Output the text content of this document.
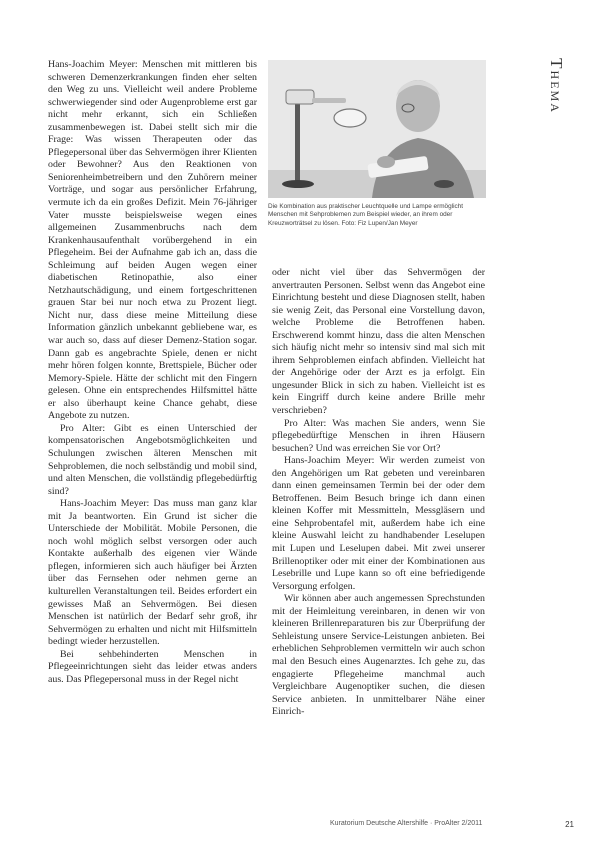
Thema

Hans-Joachim Meyer: Menschen mit mittleren bis schweren Demenzerkrankungen finden eher selten den Weg zu uns. Vielleicht weil andere Probleme schwerwiegender sind oder Augenprobleme erst gar nicht mehr erkannt, sich ein Schließen zusammenbewegen ist. Dabei stellt sich mir die Frage: Was wissen Therapeuten oder das Pflegepersonal über das Sehvermögen ihrer Klienten oder Bewohner? Aus den Reaktionen von Seniorenheimbetreibern und den Zuhörern meiner Vorträge, und sogar aus persönlicher Erfahrung, vermute ich da ein großes Defizit. Mein 76-jähriger Vater musste beispielsweise wegen eines allgemeinen Zusammenbruchs nach dem Krankenhausaufenthalt vorübergehend in ein Pflegeheim. Bei der Aufnahme gab ich an, dass die Schleimung auf beiden Augen wegen einer diabetischen Retinopathie, also einer Netzhautschädigung, und einem fortgeschrittenen grauen Star bei nur noch etwa zu Prozent liegt. Nicht nur, dass diese meine Mitteilung diese Information gänzlich unbekannt gebliebene war, es war auch so, dass auf dieser Demenz-Station sogar. Dann gab es angebrachte Spiele, denen er nicht mehr hören folgen konnte, Brettspiele, Bücher oder Memory-Spiele. Hätte der schlicht mit den Fingern gelesen. Ohne ein entsprechendes Hilfsmittel hätte er also überhaupt keine Chance gehabt, diese Angebote zu nutzen.

Pro Alter: Gibt es einen Unterschied der kompensatorischen Angebotsmöglichkeiten und Schulungen zwischen älteren Menschen mit Sehproblemen, die noch selbständig und mobil sind, und alten Menschen, die vollständig pflegebedürftig sind?

Hans-Joachim Meyer: Das muss man ganz klar mit Ja beantworten. Ein Grund ist sicher die Unterschiede der Mobilität. Mobile Personen, die noch wohl möglich selbst versorgen oder auch Kontakte außerhalb des eigenen vier Wände pflegen, informieren sich auch häufiger bei Ärzten über das Fernsehen oder nehmen gerne an kulturellen Veranstaltungen teil. Beides erfordert ein gewisses Maß an Sehvermögen. Bei diesen Menschen ist natürlich der Bedarf sehr groß, ihr Sehvermögen zu erhalten und nicht mit Hilfsmitteln bedingt wieder herzustellen.

Bei sehbehinderten Menschen in Pflegeeinrichtungen sieht das leider etwas anders aus. Das Pflegepersonal muss in der Regel nicht

Die Kombination aus praktischer Leuchtquelle und Lampe ermöglicht Menschen mit Sehproblemen zum Beispiel wieder, an ihrem oder Kreuzworträtsel zu lösen. Foto: Fiz Lupen/Jan Meyer

oder nicht viel über das Sehvermögen der anvertrauten Personen. Selbst wenn das Angebot eine Einrichtung besteht und diese Diagnosen stellt, haben sie wenig Zeit, das Personal eine Vorstellung davon, welche Probleme die Betroffenen haben. Erschwerend kommt hinzu, dass die alten Menschen sich häufig nicht mehr so intensiv sind mal sich mit ihrem Sehproblemen einfach abfinden. Vielleicht hat der Angehörige oder der Arzt es ja erfolgt. Ein ungesunder Blick in sich zu haben. Vielleicht ist es kein Eingriff durch keine andere Brille mehr verschrieben?

Pro Alter: Was machen Sie anders, wenn Sie pflegebedürftige Menschen in ihren Häusern besuchen? Und was erreichen Sie vor Ort?

Hans-Joachim Meyer: Wir werden zumeist von den Angehörigen um Rat gebeten und vereinbaren dann einen gemeinsamen Termin bei der oder dem Betroffenen. Beim Besuch bringe ich dann einen kleinen Koffer mit Messmitteln, Messgläsern und eine Sehprobentafel mit, außerdem habe ich eine kleine Auswahl leicht zu handhabender Leselupen mit Lupen und Leselupen dabei. Mit zwei unserer Brillenoptiker oder mit einer der Kombinationen aus Lesebrille und Lupe kann so oft eine befriedigende Versorgung erfolgen.

Wir können aber auch angemessen Sprechstunden mit der Heimleitung vereinbaren, in denen wir von kleineren Brillenreparaturen bis zur Überprüfung der Sehleistung unsere Service-Leistungen anbieten. Bei erheblichen Sehproblemen vermitteln wir auch schon mal den Besuch eines Augenarztes. Ich gehe zu, das engagierte Pflegeheime manchmal auch Vergleichbare Augenoptiker suchen, die diesen Service anbieten. In unmittelbarer Nähe einer Einrich-

Kuratorium Deutsche Altershilfe · ProAlter 2/2011	21
